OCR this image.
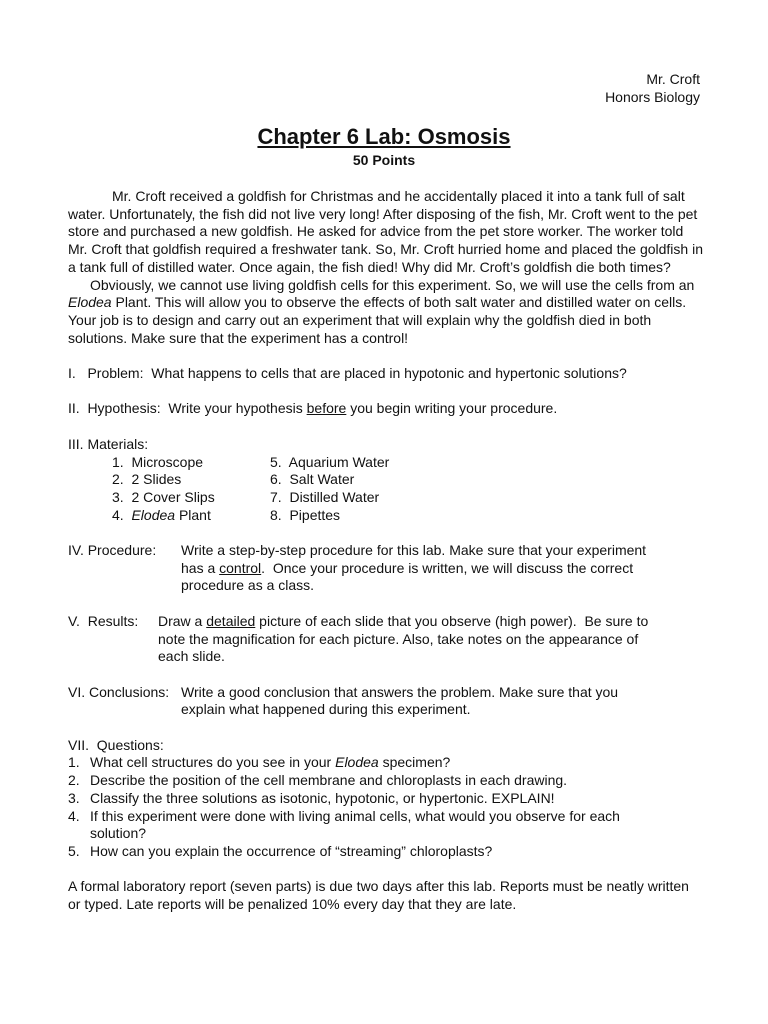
Mr. Croft
Honors Biology
Chapter 6 Lab: Osmosis
50 Points

Mr. Croft received a goldfish for Christmas and he accidentally placed it into a tank full of salt water. Unfortunately, the fish did not live very long! After disposing of the fish, Mr. Croft went to the pet store and purchased a new goldfish. He asked for advice from the pet store worker. The worker told Mr. Croft that goldfish required a freshwater tank. So, Mr. Croft hurried home and placed the goldfish in a tank full of distilled water. Once again, the fish died! Why did Mr. Croft’s goldfish die both times?

Obviously, we cannot use living goldfish cells for this experiment. So, we will use the cells from an Elodea Plant. This will allow you to observe the effects of both salt water and distilled water on cells. Your job is to design and carry out an experiment that will explain why the goldfish died in both solutions. Make sure that the experiment has a control!

I.   Problem:  What happens to cells that are placed in hypotonic and hypertonic solutions?

II.  Hypothesis:  Write your hypothesis before you begin writing your procedure.

III. Materials:

1.  Microscope	5.  Aquarium Water
2.  2 Slides	6.  Salt Water
3.  2 Cover Slips	7.  Distilled Water
4.  Elodea Plant	8.  Pipettes
IV. Procedure:	Write a step-by-step procedure for this lab. Make sure that your experiment
has a control.  Once your procedure is written, we will discuss the correct
procedure as a class.
V.  Results:	Draw a detailed picture of each slide that you observe (high power).  Be sure to
note the magnification for each picture. Also, take notes on the appearance of
each slide.
VI. Conclusions: Write a good conclusion that answers the problem. Make sure that you
explain what happened during this experiment.

VII.  Questions:

1. What cell structures do you see in your Elodea specimen?
2. Describe the position of the cell membrane and chloroplasts in each drawing.
3. Classify the three solutions as isotonic, hypotonic, or hypertonic. EXPLAIN!
4. If this experiment were done with living animal cells, what would you observe for each
solution?
5. How can you explain the occurrence of “streaming” chloroplasts?

A formal laboratory report (seven parts) is due two days after this lab. Reports must be neatly written or typed. Late reports will be penalized 10% every day that they are late.
